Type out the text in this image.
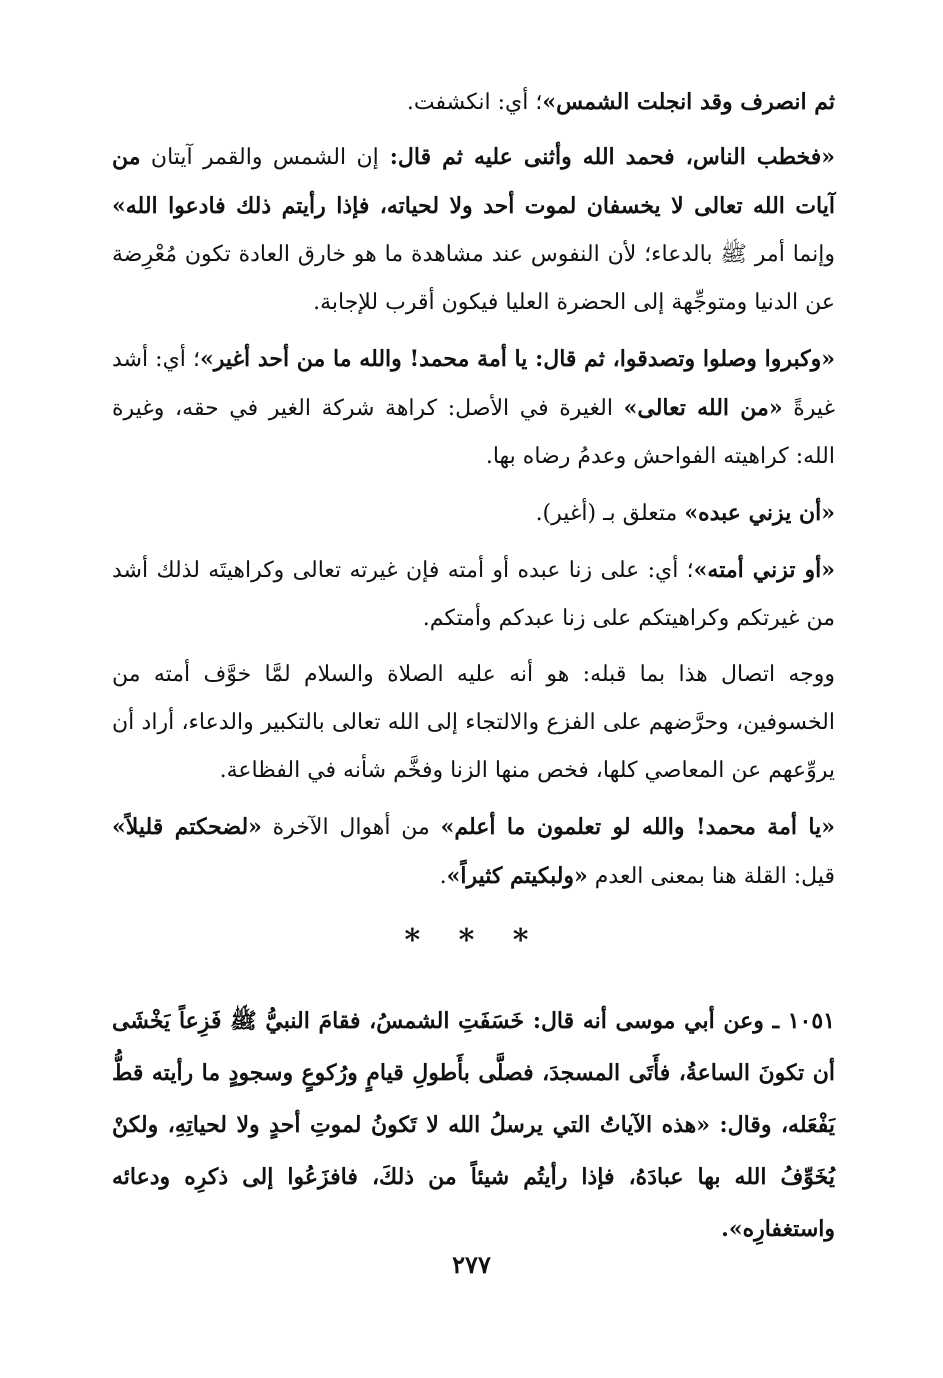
ثم انصرف وقد انجلت الشمس»؛ أي: انكشفت.

«فخطب الناس، فحمد الله وأثنى عليه ثم قال: إن الشمس والقمر آيتان من آيات الله تعالى لا يخسفان لموت أحد ولا لحياته، فإذا رأيتم ذلك فادعوا الله» وإنما أمر ﷺ بالدعاء؛ لأن النفوس عند مشاهدة ما هو خارق العادة تكون مُعْرِضة عن الدنيا ومتوجِّهة إلى الحضرة العليا فيكون أقرب للإجابة.

«وكبروا وصلوا وتصدقوا، ثم قال: يا أمة محمد! والله ما من أحد أغير»؛ أي: أشد غيرةً «من الله تعالى» الغيرة في الأصل: كراهة شركة الغير في حقه، وغيرة الله: كراهيته الفواحش وعدمُ رضاه بها.

«أن يزني عبده» متعلق بـ (أغير).

«أو تزني أمته»؛ أي: على زنا عبده أو أمته فإن غيرته تعالى وكراهيتَه لذلك أشد من غيرتكم وكراهيتكم على زنا عبدكم وأمتكم.

ووجه اتصال هذا بما قبله: هو أنه عليه الصلاة والسلام لمَّا خوَّف أمته من الخسوفين، وحرَّضهم على الفزع والالتجاء إلى الله تعالى بالتكبير والدعاء، أراد أن يروِّعهم عن المعاصي كلها، فخص منها الزنا وفخَّم شأنه في الفظاعة.

«يا أمة محمد! والله لو تعلمون ما أعلم» من أهوال الآخرة «لضحكتم قليلاً» قيل: القلة هنا بمعنى العدم «ولبكيتم كثيراً».

* * *

١٠٥١ ـ وعن أبي موسى أنه قال: خَسَفَتِ الشمسُ، فقامَ النبيُّ ﷺ فَزِعاً يَخْشَى أن تكونَ الساعةُ، فأَتَى المسجدَ، فصلَّى بأَطولِ قيامٍ ورُكوعٍ وسجودٍ ما رأيته قطُّ يَفْعَله، وقال: «هذه الآياتُ التي يرسلُ الله لا تَكونُ لموتِ أحدٍ ولا لحياتِهِ، ولكنْ يُخَوِّفُ الله بها عبادَهُ، فإذا رأيتُم شيئاً من ذلكَ، فافزَعُوا إلى ذكرِه ودعائه واستغفارِه».

٢٧٧
